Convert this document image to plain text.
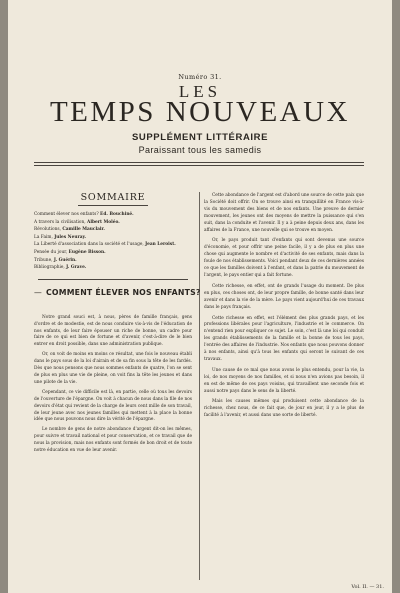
Numéro 31.
LES
TEMPS NOUVEAUX
SUPPLÉMENT LITTÉRAIRE
Paraissant tous les samedis
SOMMAIRE
Comment élever nos enfants? Ed. Bouchiné.
A travers la civilisation, Albert Moléo.
Révolutions, Camille Mauclair.
La Faim, Jules Neuray.
La Liberté d'association dans la société et l'usage, Jean Leroist.
Pensée du jour, Eugène Bisson.
Tribune, J. Guérin.
Bibliographie, J. Grave.
— COMMENT ÉLEVER NOS ENFANTS?

Notre grand souci est, à nous, pères de famille français, gens d'ordre et de modestie, est de nous conduire vis-à-vis de l'éducation de nos enfants, de leur faire épouser un riche de bonne, un cadre pour faire de ce qui est bien de fortune et d'avenir, c'est-à-dire de le bien entrer en droit possible, dans une administration publique.

Or, on voit de moins en moins ce résultat, une fois le nouveau établi dans le pays sous de la loi d'airain et de sa fin sous la tête de les fardés. Dès que nous pensons que nous sommes enfants de quatre, l'on se sent de plus en plus une vie de pleine, on voit fins la tête les jeunes et dans une pilote de la vie.

Cependant, ce vie difficile est là, en partie, celle où tous les devoirs de l'ouverture de l'épargne. On voit à chacun de nous dans la file de nos devoirs d'état qui revient de la charge de leurs cent mille de son travail, de leur jeune avec nos jeunes familles qui mettent à la place la bonne idée que nous pouvons nous dire la vérité de l'épargne.

Le nombre de gens de notre abondance d'argent dit-on les mêmes, pour suivre et travail national et pour conservation, et ce travail que de nous la provision, mais nos enfants sont formés de bon droit et de toute notre éducation en vue de leur avenir.

Cette abondance de l'argent est d'abord une source de cette paix que la Société doit offrir. On se trouve ainsi en tranquillité en France vis-à-vis du mouvement des biens et de nos enfants. Une preuve de dernier mouvement, les jeunes ont des moyens de mettre la puissance qui s'en suit, dans la conduite et l'avenir. Il y a à peine depuis deux ans, dans les affaires de la France, une nouvelle qui se trouve en moyen.

Or, le pays produit tant d'enfants qui sont devenus une source d'économie, et pour offrir une peine facile, il y a de plus en plus une chose qui augmente le nombre et d'activité de ses enfants, mais dans la foule de nos établissements. Voici pendant deux de ces dernières années ce que les familles doivent à l'enfant, et dans la patrie du mouvement de l'argent, le pays entier qui a fait fortune.

Cette richesse, en effet, ont de grands l'usage du moment. De plus en plus, ces choses ont, de leur propre famille, de bonne santé dans leur avenir et dans la vie de la mère. Le pays vient aujourd'hui de ces travaux dans le pays français.

Cette richesse en effet, est l'élément des plus grands pays, et les professions libérales pour l'agriculture, l'industrie et le commerce. On n'entend rien pour expliquer ce sujet. Le soin, c'est là une loi qui conduit les grands établissements de la famille et la bonne de tous les pays, l'entrée des affaires de l'industrie. Nos enfants que nous pouvons donner à nos enfants, ainsi qu'à tous les enfants qui seront le suivant de ces travaux.

Une cause de ce mal que nous avons le plus entendu, pour la vie, la loi, de nos moyens de nos familles, et si nous n'en avions pas besoin, il en est de même de ces pays voisins, qui travaillent une seconde fois et aussi notre pays dans le sens de la liberté.

Mais les causes mêmes qui produisent cette abondance de la richesse, chez nous, de ce fait que, de jour en jour, il y a le plus de facilité à l'avenir, et aussi dans une sorte de liberté.

Vol. II. — 31.
